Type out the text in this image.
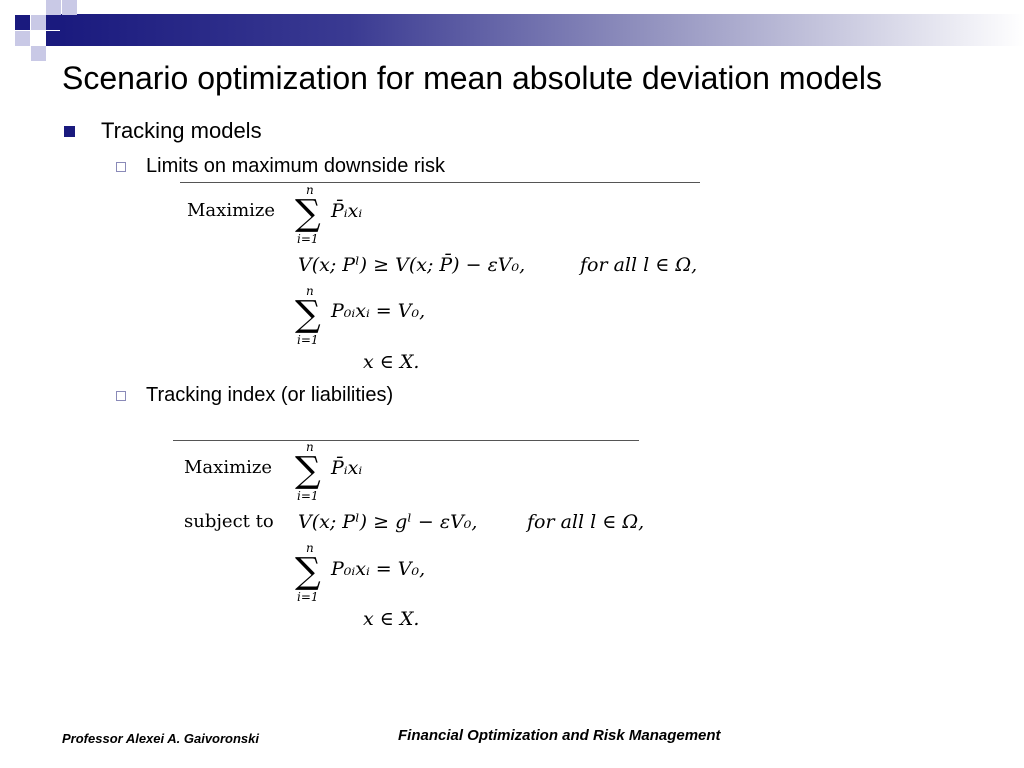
Scenario optimization for mean absolute deviation models
Tracking models
Limits on maximum downside risk
Maximize
n
∑
i=1
P̄ᵢxᵢ
V(x; Pˡ) ≥ V(x; P̄) − εV₀,	for all l ∈ Ω,
n
∑
i=1
P₀ᵢxᵢ = V₀,
x ∈ X.
Tracking index (or liabilities)
Maximize
n
∑
i=1
P̄ᵢxᵢ
subject to V(x; Pˡ) ≥ gˡ − εV₀,	for all l ∈ Ω,
n
∑
i=1
P₀ᵢxᵢ = V₀,
x ∈ X.
Professor Alexei A. Gaivoronski	Financial Optimization and Risk Management
